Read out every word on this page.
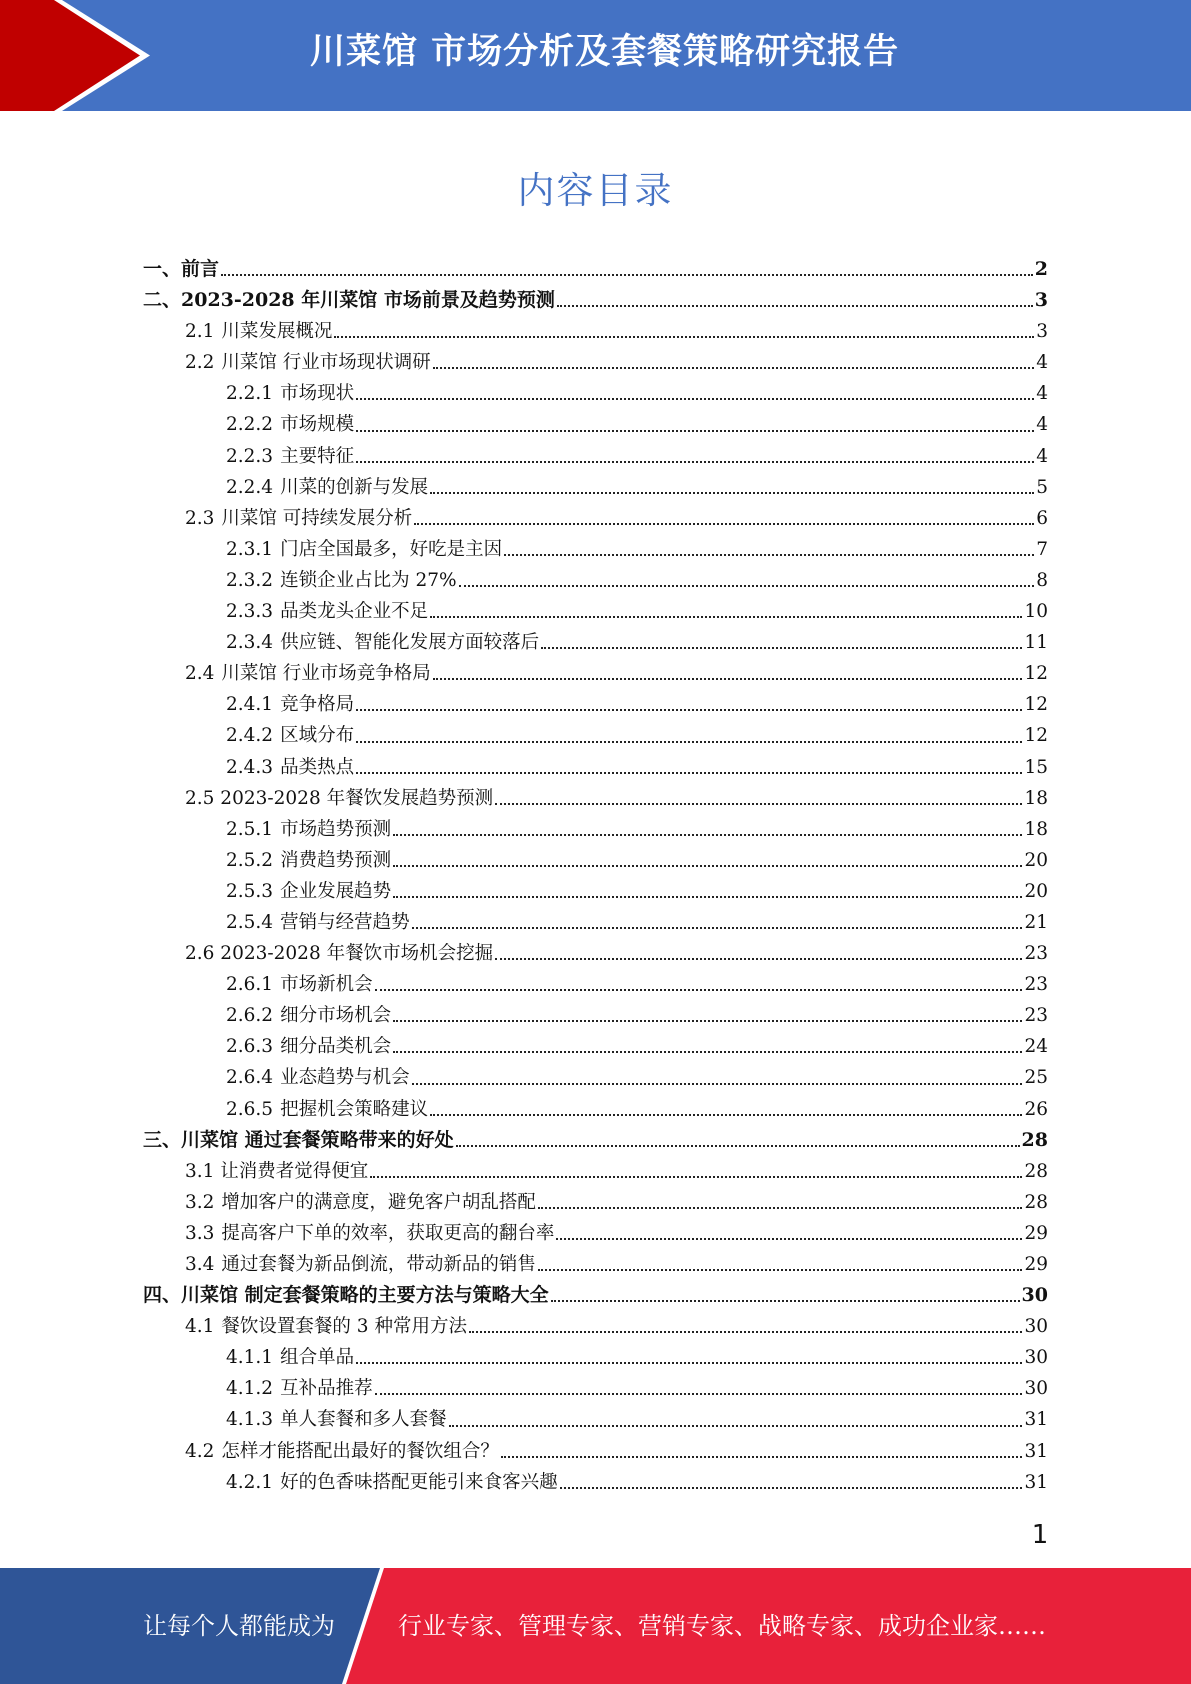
川菜馆 市场分析及套餐策略研究报告
内容目录
一、前言	2
二、2023-2028 年川菜馆 市场前景及趋势预测	3
2.1 川菜发展概况	3
2.2 川菜馆 行业市场现状调研	4
2.2.1 市场现状	4
2.2.2 市场规模	4
2.2.3 主要特征	4
2.2.4 川菜的创新与发展	5
2.3 川菜馆 可持续发展分析	6
2.3.1 门店全国最多，好吃是主因	7
2.3.2 连锁企业占比为 27%	8
2.3.3 品类龙头企业不足	10
2.3.4 供应链、智能化发展方面较落后	11
2.4 川菜馆 行业市场竞争格局	12
2.4.1 竞争格局	12
2.4.2 区域分布	12
2.4.3 品类热点	15
2.5 2023-2028 年餐饮发展趋势预测	18
2.5.1 市场趋势预测	18
2.5.2 消费趋势预测	20
2.5.3 企业发展趋势	20
2.5.4 营销与经营趋势	21
2.6 2023-2028 年餐饮市场机会挖掘	23
2.6.1 市场新机会	23
2.6.2 细分市场机会	23
2.6.3 细分品类机会	24
2.6.4 业态趋势与机会	25
2.6.5 把握机会策略建议	26
三、川菜馆 通过套餐策略带来的好处	28
3.1 让消费者觉得便宜	28
3.2 增加客户的满意度，避免客户胡乱搭配	28
3.3 提高客户下单的效率，获取更高的翻台率	29
3.4 通过套餐为新品倒流，带动新品的销售	29
四、川菜馆 制定套餐策略的主要方法与策略大全	30
4.1 餐饮设置套餐的 3 种常用方法	30
4.1.1 组合单品	30
4.1.2 互补品推荐	30
4.1.3 单人套餐和多人套餐	31
4.2 怎样才能搭配出最好的餐饮组合？	31
4.2.1 好的色香味搭配更能引来食客兴趣	31
1
让每个人都能成为	行业专家、管理专家、营销专家、战略专家、成功企业家……
